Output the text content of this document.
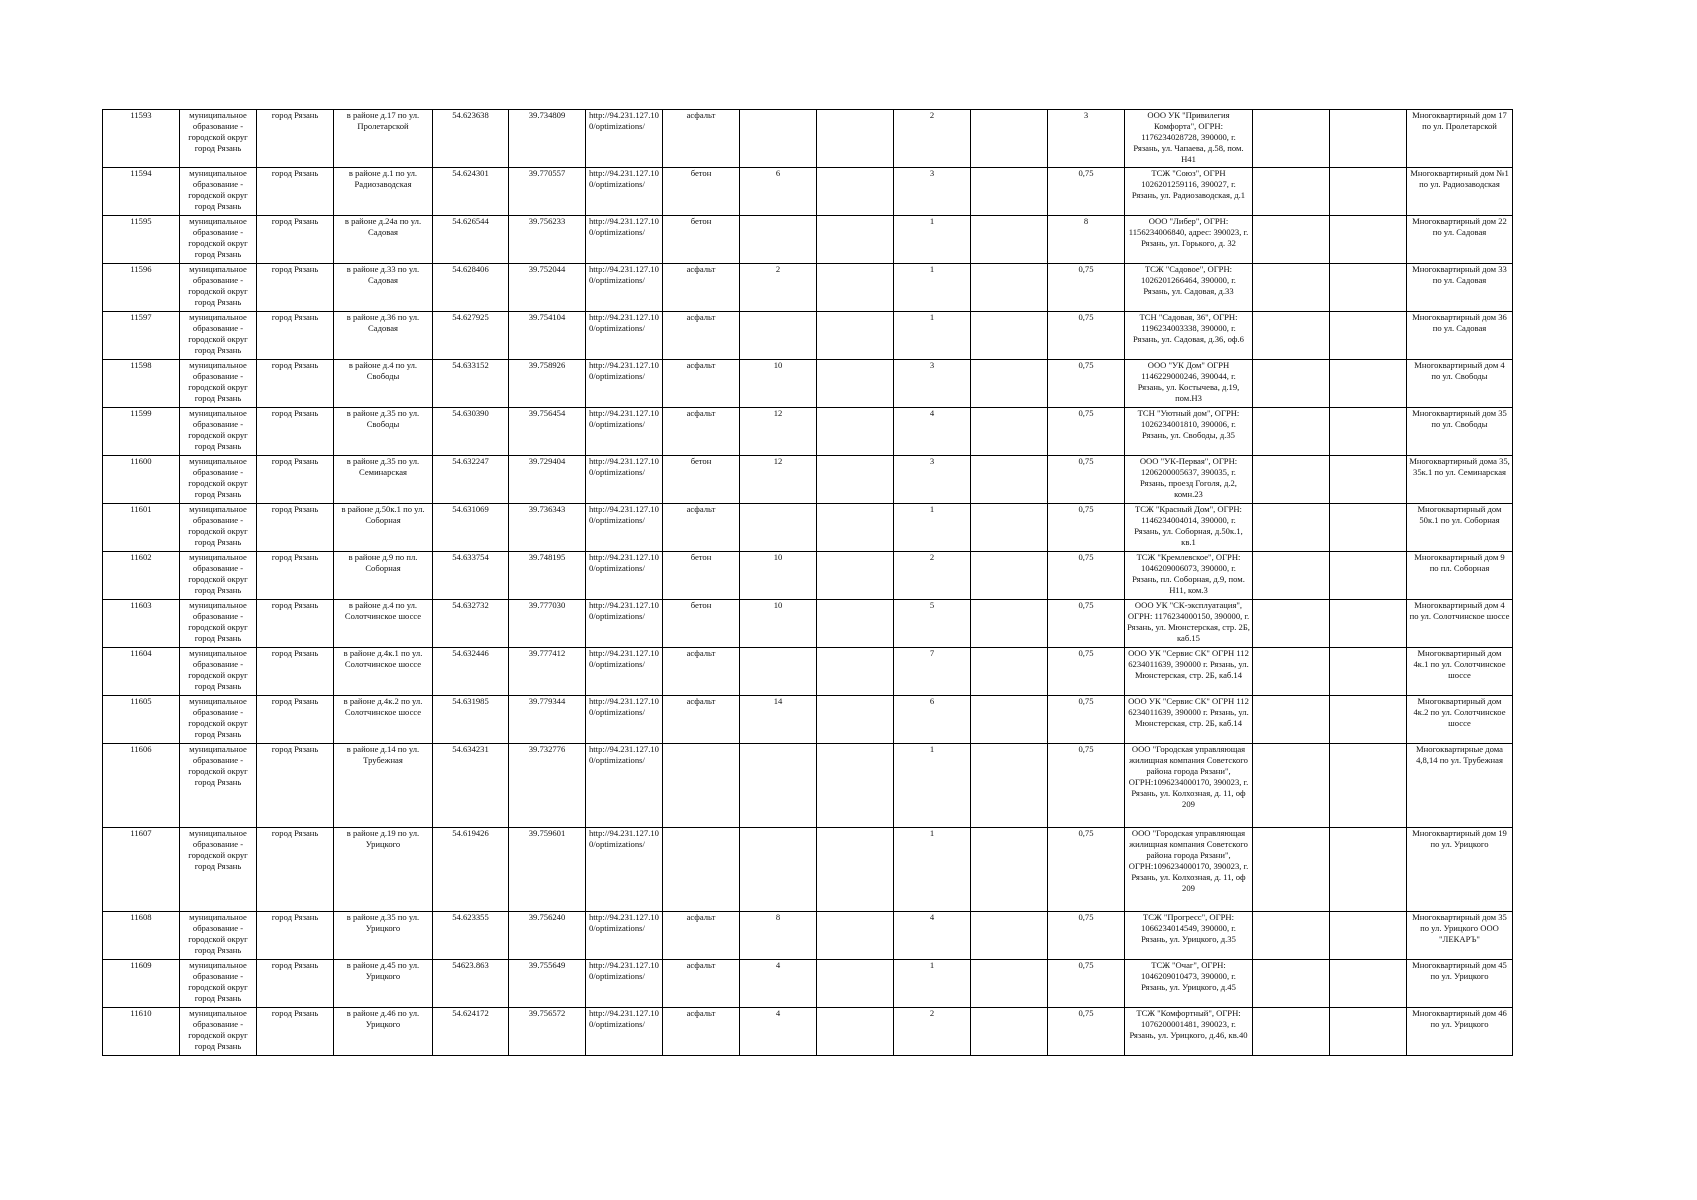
11593	муниципальное образование - городской округ город Рязань	город Рязань	в районе д.17 по ул. Пролетарской	54.623638	39.734809	http://94.231.127.10 0/optimizations/	асфальт			2		3	ООО УК "Привилегия Комфорта", ОГРН: 1176234028728, 390000, г. Рязань, ул. Чапаева, д.58, пом. Н41			Многоквартирный дом 17 по ул. Пролетарской
11594	муниципальное образование - городской округ город Рязань	город Рязань	в районе д.1 по ул. Радиозаводская	54.624301	39.770557	http://94.231.127.10 0/optimizations/	бетон	6		3		0,75	ТСЖ "Союз", ОГРН 1026201259116, 390027, г. Рязань, ул. Радиозаводская, д.1			Многоквартирный дом №1 по ул. Радиозаводская
11595	муниципальное образование - городской округ город Рязань	город Рязань	в районе д.24а по ул. Садовая	54.626544	39.756233	http://94.231.127.10 0/optimizations/	бетон			1		8	ООО "Либер", ОГРН: 1156234006840, адрес: 390023, г. Рязань, ул. Горького, д. 32			Многоквартирный дом 22 по ул. Садовая
11596	муниципальное образование - городской округ город Рязань	город Рязань	в районе д.33 по ул. Садовая	54.628406	39.752044	http://94.231.127.10 0/optimizations/	асфальт	2		1		0,75	ТСЖ "Садовое", ОГРН: 1026201266464, 390000, г. Рязань, ул. Садовая, д.33			Многоквартирный дом 33 по ул. Садовая
11597	муниципальное образование - городской округ город Рязань	город Рязань	в районе д.36 по ул. Садовая	54.627925	39.754104	http://94.231.127.10 0/optimizations/	асфальт			1		0,75	ТСН "Садовая, 36", ОГРН: 1196234003338, 390000, г. Рязань, ул. Садовая, д.36, оф.6			Многоквартирный дом 36 по ул. Садовая
11598	муниципальное образование - городской округ город Рязань	город Рязань	в районе д.4 по ул. Свободы	54.633152	39.758926	http://94.231.127.10 0/optimizations/	асфальт	10		3		0,75	ООО "УК Дом" ОГРН 1146229000246, 390044, г. Рязань, ул. Костычева, д.19, пом.Н3			Многоквартирный дом 4 по ул. Свободы
11599	муниципальное образование - городской округ город Рязань	город Рязань	в районе д.35 по ул. Свободы	54.630390	39.756454	http://94.231.127.10 0/optimizations/	асфальт	12		4		0,75	ТСН "Уютный дом", ОГРН: 1026234001810, 390006, г. Рязань, ул. Свободы, д.35			Многоквартирный дом 35 по ул. Свободы
11600	муниципальное образование - городской округ город Рязань	город Рязань	в районе д.35 по ул. Семинарская	54.632247	39.729404	http://94.231.127.10 0/optimizations/	бетон	12		3		0,75	ООО "УК-Первая", ОГРН: 1206200005637, 390035, г. Рязань, проезд Гоголя, д.2, комн.23			Многоквартирный дома 35, 35к.1 по ул. Семинарская
11601	муниципальное образование - городской округ город Рязань	город Рязань	в районе д.50к.1 по ул. Соборная	54.631069	39.736343	http://94.231.127.10 0/optimizations/	асфальт			1		0,75	ТСЖ "Красный Дом", ОГРН: 1146234004014, 390000, г. Рязань, ул. Соборная, д.50к.1, кв.1			Многоквартирный дом 50к.1 по ул. Соборная
11602	муниципальное образование - городской округ город Рязань	город Рязань	в районе д.9 по пл. Соборная	54.633754	39.748195	http://94.231.127.10 0/optimizations/	бетон	10		2		0,75	ТСЖ "Кремлевское", ОГРН: 1046209006073, 390000, г. Рязань, пл. Соборная, д.9, пом. Н11, ком.3			Многоквартирный дом 9 по пл. Соборная
11603	муниципальное образование - городской округ город Рязань	город Рязань	в районе д.4 по ул. Солотчинское шоссе	54.632732	39.777030	http://94.231.127.10 0/optimizations/	бетон	10		5		0,75	ООО УК "СК-эксплуатация", ОГРН: 1176234000150, 390000, г. Рязань, ул. Мюнстерская, стр. 2Б, каб.15			Многоквартирный дом 4 по ул. Солотчинское шоссе
11604	муниципальное образование - городской округ город Рязань	город Рязань	в районе д.4к.1 по ул. Солотчинское шоссе	54.632446	39.777412	http://94.231.127.10 0/optimizations/	асфальт			7		0,75	ООО УК "Сервис СК" ОГРН 112 6234011639, 390000 г. Рязань, ул. Мюнстерская, стр. 2Б, каб.14			Многоквартирный дом 4к.1 по ул. Солотчинское шоссе
11605	муниципальное образование - городской округ город Рязань	город Рязань	в районе д.4к.2 по ул. Солотчинское шоссе	54.631985	39.779344	http://94.231.127.10 0/optimizations/	асфальт	14		6		0,75	ООО УК "Сервис СК" ОГРН 112 6234011639, 390000 г. Рязань, ул. Мюнстерская, стр. 2Б, каб.14			Многоквартирный дом 4к.2 по ул. Солотчинское шоссе
11606	муниципальное образование - городской округ город Рязань	город Рязань	в районе д.14 по ул. Трубежная	54.634231	39.732776	http://94.231.127.10 0/optimizations/				1		0,75	ООО "Городская управляющая жилищная компания Советского района города Рязани", ОГРН:1096234000170, 390023, г. Рязань, ул. Колхозная, д. 11, оф 209			Многоквартирные дома 4,8,14 по ул. Трубежная
11607	муниципальное образование - городской округ город Рязань	город Рязань	в районе д.19 по ул. Урицкого	54.619426	39.759601	http://94.231.127.10 0/optimizations/				1		0,75	ООО "Городская управляющая жилищная компания Советского района города Рязани", ОГРН:1096234000170, 390023, г. Рязань, ул. Колхозная, д. 11, оф 209			Многоквартирный дом 19 по ул. Урицкого
11608	муниципальное образование - городской округ город Рязань	город Рязань	в районе д.35 по ул. Урицкого	54.623355	39.756240	http://94.231.127.10 0/optimizations/	асфальт	8		4		0,75	ТСЖ "Прогресс", ОГРН: 1066234014549, 390000, г. Рязань, ул. Урицкого, д.35			Многоквартирный дом 35 по ул. Урицкого ООО "ЛЕКАРЪ"
11609	муниципальное образование - городской округ город Рязань	город Рязань	в районе д.45 по ул. Урицкого	54623.863	39.755649	http://94.231.127.10 0/optimizations/	асфальт	4		1		0,75	ТСЖ "Очаг", ОГРН: 1046209010473, 390000, г. Рязань, ул. Урицкого, д.45			Многоквартирный дом 45 по ул. Урицкого
11610	муниципальное образование - городской округ город Рязань	город Рязань	в районе д.46 по ул. Урицкого	54.624172	39.756572	http://94.231.127.10 0/optimizations/	асфальт	4		2		0,75	ТСЖ "Комфортный", ОГРН: 1076200001481, 390023, г. Рязань, ул. Урицкого, д.46, кв.40			Многоквартирный дом 46 по ул. Урицкого
